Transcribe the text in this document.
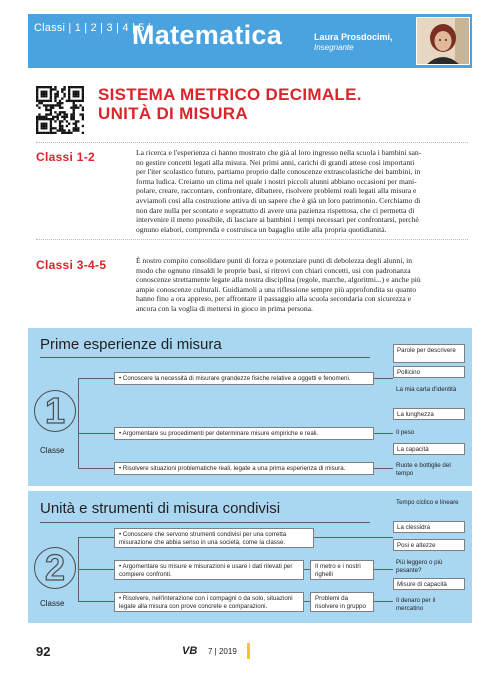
Classi | 1 | 2 | 3 | 4 | 5 |
Matematica	Laura Prosdocimi,
Insegnante
SISTEMA METRICO DECIMALE.
UNITÀ DI MISURA
Classi 1-2	La ricerca e l'esperienza ci hanno mostrato che già al loro ingresso nella scuola i bambini san-
no gestire concetti legati alla misura. Nei primi anni, carichi di grandi attese così importanti
per l'iter scolastico futuro, partiamo proprio dalle conoscenze extrascolastiche dei bambini, in
forma ludica. Creiamo un clima nel quale i nostri piccoli alunni abbiano occasioni per mani-
polare, creare, raccontare, confrontare, dibattere, risolvere problemi reali legati alla misura e
avviamoli così alla costruzione attiva di un sapere che è già un loro patrimonio. Cerchiamo di
non dare nulla per scontato e soprattutto di avere una pazienza rispettosa, che ci permetta di
intervenire il meno possibile, di lasciare ai bambini i tempi necessari per confrontarsi, perché
ognuno elabori, comprenda e costruisca un bagaglio utile alla propria quotidianità.
Classi 3-4-5	È nostro compito consolidare punti di forza e potenziare punti di debolezza degli alunni, in
modo che ognuno rinsaldi le proprie basi, si ritrovi con chiari concetti, usi con padronanza
conoscenze strettamente legate alla nostra disciplina (regole, marche, algoritmi...) e anche più
ampie conoscenze culturali. Guidiamoli a una riflessione sempre più approfondita su quanto
hanno fino a ora appreso, per affrontare il passaggio alla scuola secondaria con sicurezza e
ancora con la voglia di mettersi in gioco in prima persona.
Prime esperienze di misura
1
Classe
• Conoscere la necessità di misurare grandezze fisiche relative a oggetti e fenomeni.
• Argomentare su procedimenti per determinare misure empiriche e reali.
• Risolvere situazioni problematiche reali, legate a una prima esperienza di misura.
Parole per descrivere
Pollicino
La mia carta d'identità
La lunghezza
Il peso
La capacità
Ruote e bottiglie del tempo
Unità e strumenti di misura condivisi
2
Classe
• Conoscere che servono strumenti condivisi per una corretta misurazione che abbia senso in una società, come la classe.
• Argomentare su misure e misurazioni e usare i dati rilevati per compiere confronti.
• Risolvere, nell'interazione con i compagni o da solo, situazioni legate alla misura con prove concrete e comparazioni.
Il metro e i nostri righelli
Problemi da risolvere in gruppo
Tempo ciclico e lineare
La clessidra
Posi e altezze
Più leggero o più pesante?
Misure di capacità
Il denaro per il mercatino
92	VB 7 | 2019
